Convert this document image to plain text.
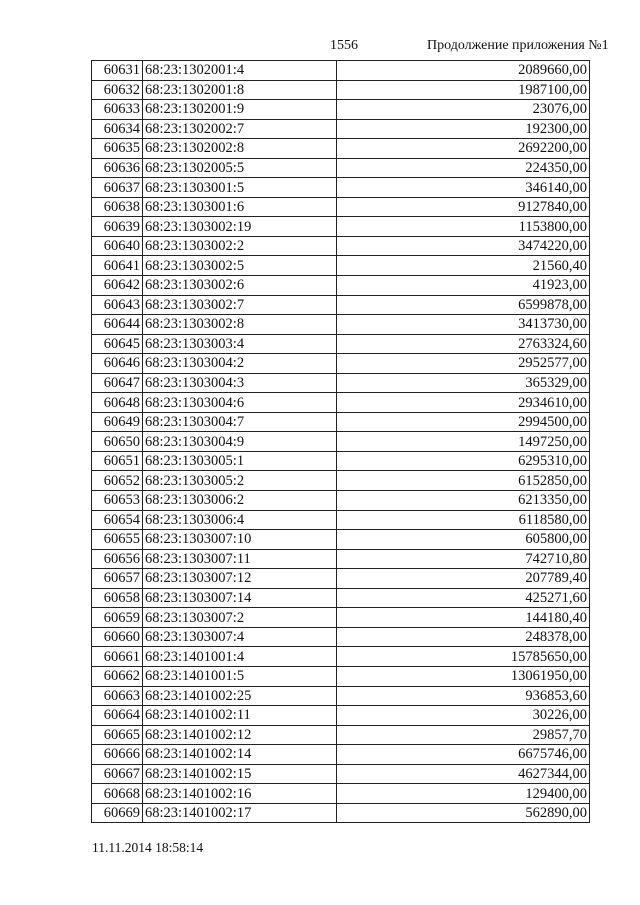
1556	Продолжение приложения №1
60631	68:23:1302001:4	2089660,00
60632	68:23:1302001:8	1987100,00
60633	68:23:1302001:9	23076,00
60634	68:23:1302002:7	192300,00
60635	68:23:1302002:8	2692200,00
60636	68:23:1302005:5	224350,00
60637	68:23:1303001:5	346140,00
60638	68:23:1303001:6	9127840,00
60639	68:23:1303002:19	1153800,00
60640	68:23:1303002:2	3474220,00
60641	68:23:1303002:5	21560,40
60642	68:23:1303002:6	41923,00
60643	68:23:1303002:7	6599878,00
60644	68:23:1303002:8	3413730,00
60645	68:23:1303003:4	2763324,60
60646	68:23:1303004:2	2952577,00
60647	68:23:1303004:3	365329,00
60648	68:23:1303004:6	2934610,00
60649	68:23:1303004:7	2994500,00
60650	68:23:1303004:9	1497250,00
60651	68:23:1303005:1	6295310,00
60652	68:23:1303005:2	6152850,00
60653	68:23:1303006:2	6213350,00
60654	68:23:1303006:4	6118580,00
60655	68:23:1303007:10	605800,00
60656	68:23:1303007:11	742710,80
60657	68:23:1303007:12	207789,40
60658	68:23:1303007:14	425271,60
60659	68:23:1303007:2	144180,40
60660	68:23:1303007:4	248378,00
60661	68:23:1401001:4	15785650,00
60662	68:23:1401001:5	13061950,00
60663	68:23:1401002:25	936853,60
60664	68:23:1401002:11	30226,00
60665	68:23:1401002:12	29857,70
60666	68:23:1401002:14	6675746,00
60667	68:23:1401002:15	4627344,00
60668	68:23:1401002:16	129400,00
60669	68:23:1401002:17	562890,00
11.11.2014 18:58:14
